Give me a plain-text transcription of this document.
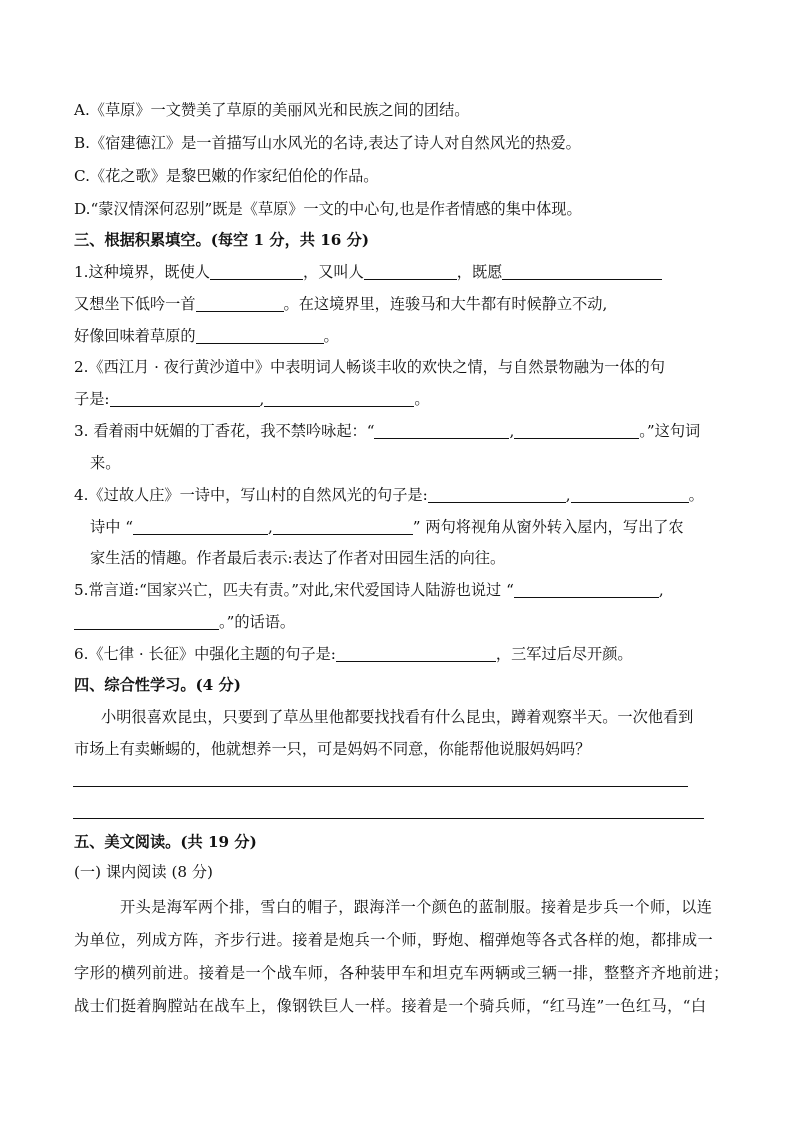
A.《草原》一文赞美了草原的美丽风光和民族之间的团结。
B.《宿建德江》是一首描写山水风光的名诗,表达了诗人对自然风光的热爱。
C.《花之歌》是黎巴嫩的作家纪伯伦的作品。
D.“蒙汉情深何忍别”既是《草原》一文的中心句,也是作者情感的集中体现。
三、根据积累填空。(每空 1 分，共 16 分)
1.这种境界，既使人	，又叫人	，既愿
又想坐下低吟一首	。在这境界里，连骏马和大牛都有时候静立不动,
好像回味着草原的	。
2.《西江月 · 夜行黄沙道中》中表明词人畅谈丰收的欢快之情，与自然景物融为一体的句
子是:	,	。
3. 看着雨中妩媚的丁香花，我不禁吟咏起：“	,	。”这句词
来。
4.《过故人庄》一诗中，写山村的自然风光的句子是:	,	。
诗中 “	,	” 两句将视角从窗外转入屋内，写出了农
家生活的情趣。作者最后表示:表达了作者对田园生活的向往。
5.常言道:“国家兴亡，匹夫有责。”对此,宋代爱国诗人陆游也说过 “	,
。”的话语。
6.《七律 · 长征》中强化主题的句子是:	，三军过后尽开颜。
四、综合性学习。(4 分)
小明很喜欢昆虫，只要到了草丛里他都要找找看有什么昆虫，蹲着观察半天。一次他看到
市场上有卖蜥蜴的，他就想养一只，可是妈妈不同意，你能帮他说服妈妈吗？
五、美文阅读。(共 19 分)
(一) 课内阅读 (8 分)
开头是海军两个排，雪白的帽子，跟海洋一个颜色的蓝制服。接着是步兵一个师，以连
为单位，列成方阵，齐步行进。接着是炮兵一个师，野炮、榴弹炮等各式各样的炮，都排成一
字形的横列前进。接着是一个战车师，各种装甲车和坦克车两辆或三辆一排，整整齐齐地前进；
战士们挺着胸膛站在战车上，像钢铁巨人一样。接着是一个骑兵师，“红马连”一色红马，“白
